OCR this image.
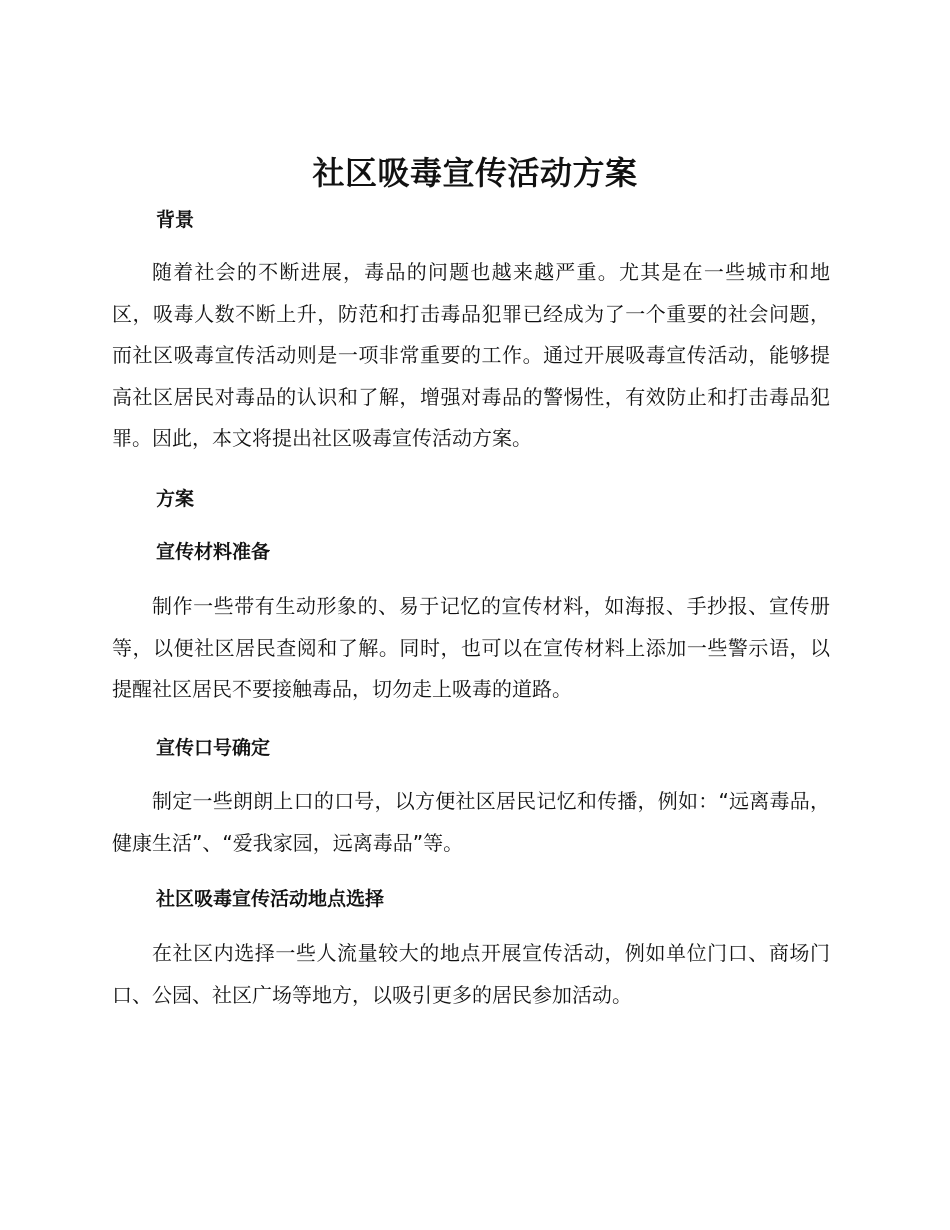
社区吸毒宣传活动方案
背景

随着社会的不断进展，毒品的问题也越来越严重。尤其是在一些城市和地区，吸毒人数不断上升，防范和打击毒品犯罪已经成为了一个重要的社会问题，而社区吸毒宣传活动则是一项非常重要的工作。通过开展吸毒宣传活动，能够提高社区居民对毒品的认识和了解，增强对毒品的警惕性，有效防止和打击毒品犯罪。因此，本文将提出社区吸毒宣传活动方案。

方案
宣传材料准备

制作一些带有生动形象的、易于记忆的宣传材料，如海报、手抄报、宣传册等，以便社区居民查阅和了解。同时，也可以在宣传材料上添加一些警示语，以提醒社区居民不要接触毒品，切勿走上吸毒的道路。

宣传口号确定

制定一些朗朗上口的口号，以方便社区居民记忆和传播，例如：“远离毒品，健康生活”、“爱我家园，远离毒品”等。

社区吸毒宣传活动地点选择

在社区内选择一些人流量较大的地点开展宣传活动，例如单位门口、商场门口、公园、社区广场等地方，以吸引更多的居民参加活动。
